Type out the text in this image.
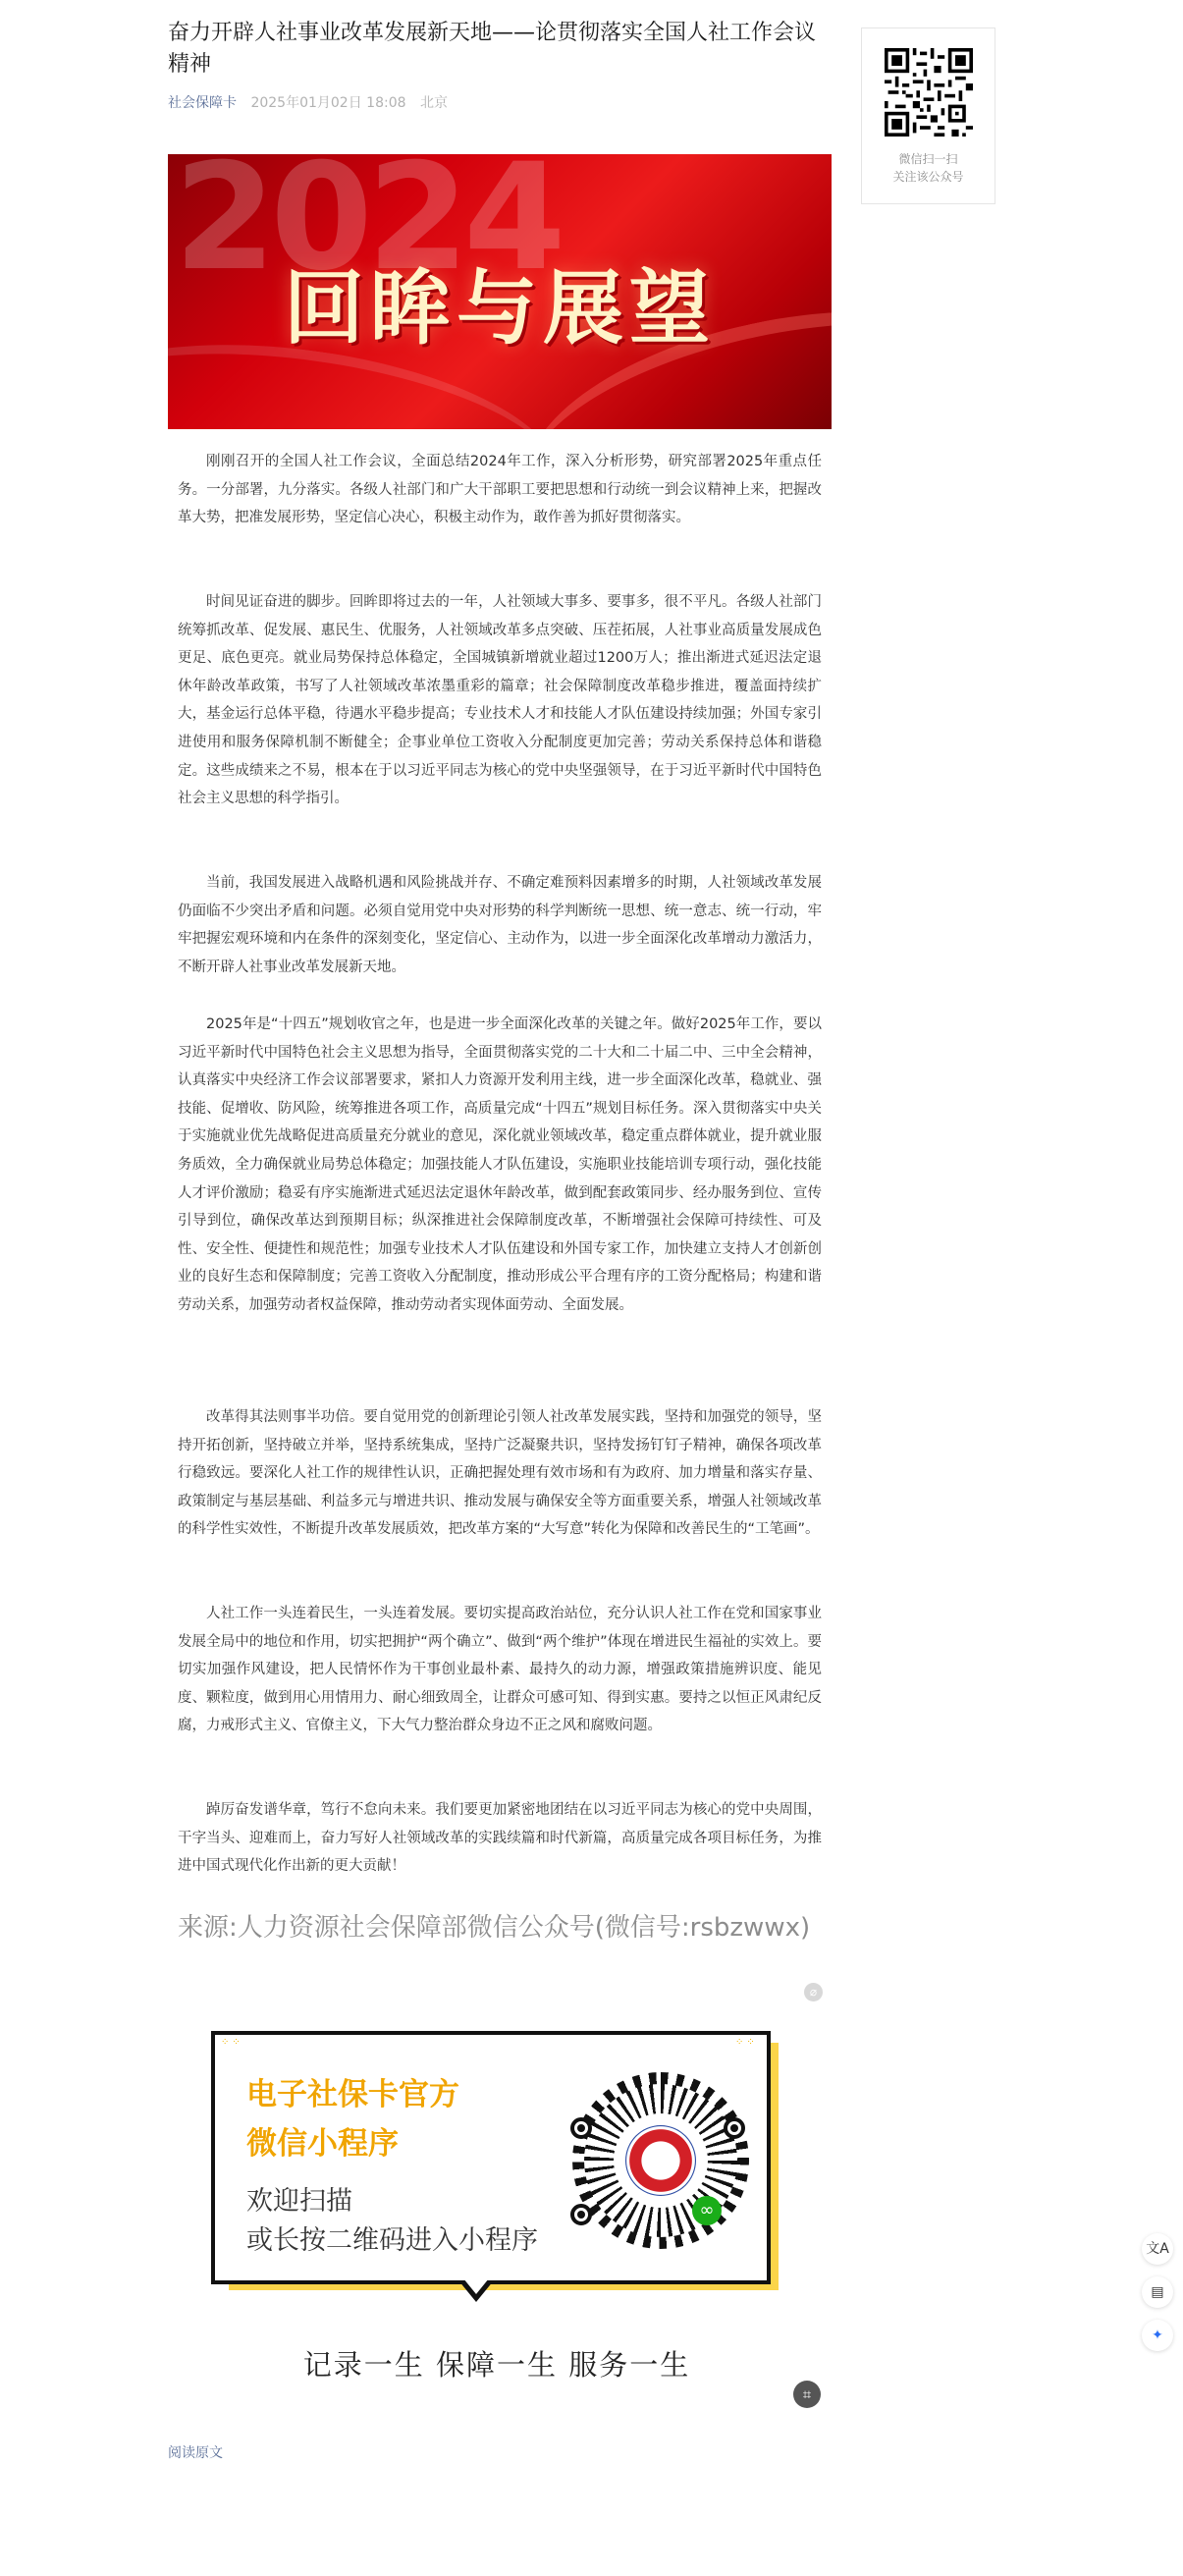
奋力开辟人社事业改革发展新天地——论贯彻落实全国人社工作会议精神
社会保障卡 2025年01月02日 18:08 北京
2024
回眸与展望

刚刚召开的全国人社工作会议，全面总结2024年工作，深入分析形势，研究部署2025年重点任务。一分部署，九分落实。各级人社部门和广大干部职工要把思想和行动统一到会议精神上来，把握改革大势，把准发展形势，坚定信心决心，积极主动作为，敢作善为抓好贯彻落实。

时间见证奋进的脚步。回眸即将过去的一年，人社领域大事多、要事多，很不平凡。各级人社部门统筹抓改革、促发展、惠民生、优服务，人社领域改革多点突破、压茬拓展，人社事业高质量发展成色更足、底色更亮。就业局势保持总体稳定，全国城镇新增就业超过1200万人；推出渐进式延迟法定退休年龄改革政策，书写了人社领域改革浓墨重彩的篇章；社会保障制度改革稳步推进，覆盖面持续扩大，基金运行总体平稳，待遇水平稳步提高；专业技术人才和技能人才队伍建设持续加强；外国专家引进使用和服务保障机制不断健全；企事业单位工资收入分配制度更加完善；劳动关系保持总体和谐稳定。这些成绩来之不易，根本在于以习近平同志为核心的党中央坚强领导，在于习近平新时代中国特色社会主义思想的科学指引。

当前，我国发展进入战略机遇和风险挑战并存、不确定难预料因素增多的时期，人社领域改革发展仍面临不少突出矛盾和问题。必须自觉用党中央对形势的科学判断统一思想、统一意志、统一行动，牢牢把握宏观环境和内在条件的深刻变化，坚定信心、主动作为，以进一步全面深化改革增动力激活力，不断开辟人社事业改革发展新天地。

2025年是“十四五”规划收官之年，也是进一步全面深化改革的关键之年。做好2025年工作，要以习近平新时代中国特色社会主义思想为指导，全面贯彻落实党的二十大和二十届二中、三中全会精神，认真落实中央经济工作会议部署要求，紧扣人力资源开发利用主线，进一步全面深化改革，稳就业、强技能、促增收、防风险，统筹推进各项工作，高质量完成“十四五”规划目标任务。深入贯彻落实中央关于实施就业优先战略促进高质量充分就业的意见，深化就业领域改革，稳定重点群体就业，提升就业服务质效，全力确保就业局势总体稳定；加强技能人才队伍建设，实施职业技能培训专项行动，强化技能人才评价激励；稳妥有序实施渐进式延迟法定退休年龄改革，做到配套政策同步、经办服务到位、宣传引导到位，确保改革达到预期目标；纵深推进社会保障制度改革，不断增强社会保障可持续性、可及性、安全性、便捷性和规范性；加强专业技术人才队伍建设和外国专家工作，加快建立支持人才创新创业的良好生态和保障制度；完善工资收入分配制度，推动形成公平合理有序的工资分配格局；构建和谐劳动关系，加强劳动者权益保障，推动劳动者实现体面劳动、全面发展。

改革得其法则事半功倍。要自觉用党的创新理论引领人社改革发展实践，坚持和加强党的领导，坚持开拓创新，坚持破立并举，坚持系统集成，坚持广泛凝聚共识，坚持发扬钉钉子精神，确保各项改革行稳致远。要深化人社工作的规律性认识，正确把握处理有效市场和有为政府、加力增量和落实存量、政策制定与基层基础、利益多元与增进共识、推动发展与确保安全等方面重要关系，增强人社领域改革的科学性实效性，不断提升改革发展质效，把改革方案的“大写意”转化为保障和改善民生的“工笔画”。

人社工作一头连着民生，一头连着发展。要切实提高政治站位，充分认识人社工作在党和国家事业发展全局中的地位和作用，切实把拥护“两个确立”、做到“两个维护”体现在增进民生福祉的实效上。要切实加强作风建设，把人民情怀作为干事创业最朴素、最持久的动力源，增强政策措施辨识度、能见度、颗粒度，做到用心用情用力、耐心细致周全，让群众可感可知、得到实惠。要持之以恒正风肃纪反腐，力戒形式主义、官僚主义，下大气力整治群众身边不正之风和腐败问题。

踔厉奋发谱华章，笃行不怠向未来。我们要更加紧密地团结在以习近平同志为核心的党中央周围，干字当头、迎难而上，奋力写好人社领域改革的实践续篇和时代新篇，高质量完成各项目标任务，为推进中国式现代化作出新的更大贡献！

来源:人力资源社会保障部微信公众号(微信号:rsbzwwx)

⌀
⁘⁘	⁘⁘

电子社保卡官方
微信小程序

欢迎扫描
或长按二维码进入小程序

∞

记录一生 保障一生 服务一生

⌗
阅读原文
微信扫一扫
关注该公众号
文A
▤
✦
